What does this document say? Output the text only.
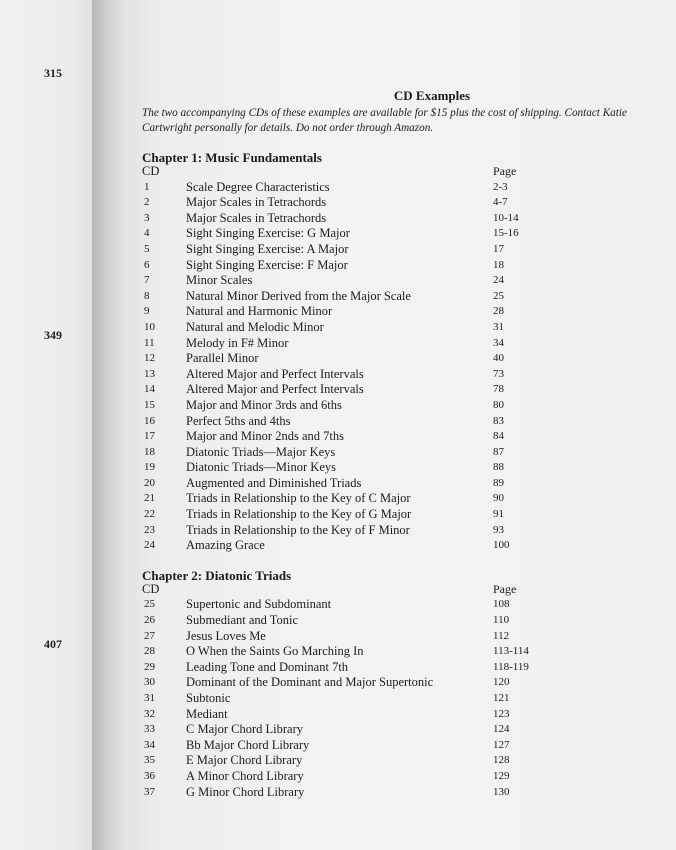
315
349
407
CD Examples
The two accompanying CDs of these examples are available for $15 plus the cost of shipping. Contact Katie
Cartwright personally for details. Do not order through Amazon.
Chapter 1: Music Fundamentals
CD	Page
1	Scale Degree Characteristics	2-3
2	Major Scales in Tetrachords	4-7
3	Major Scales in Tetrachords	10-14
4	Sight Singing Exercise: G Major	15-16
5	Sight Singing Exercise: A Major	17
6	Sight Singing Exercise: F Major	18
7	Minor Scales	24
8	Natural Minor Derived from the Major Scale	25
9	Natural and Harmonic Minor	28
10 Natural and Melodic Minor	31
11	Melody in F# Minor	34
12 Parallel Minor	40
13 Altered Major and Perfect Intervals	73
14 Altered Major and Perfect Intervals	78
15 Major and Minor 3rds and 6ths	80
16 Perfect 5ths and 4ths	83
17 Major and Minor 2nds and 7ths	84
18 Diatonic Triads—Major Keys	87
19 Diatonic Triads—Minor Keys	88
20 Augmented and Diminished Triads	89
21 Triads in Relationship to the Key of C Major	90
22 Triads in Relationship to the Key of G Major	91
23 Triads in Relationship to the Key of F Minor	93
24 Amazing Grace	100
Chapter 2: Diatonic Triads
CD	Page
25 Supertonic and Subdominant	108
26 Submediant and Tonic	110
27 Jesus Loves Me	112
28 O When the Saints Go Marching In	113-114
29 Leading Tone and Dominant 7th	118-119
30 Dominant of the Dominant and Major Supertonic	120
31 Subtonic	121
32 Mediant	123
33 C Major Chord Library	124
34 Bb Major Chord Library	127
35 E Major Chord Library	128
36 A Minor Chord Library	129
37 G Minor Chord Library	130
